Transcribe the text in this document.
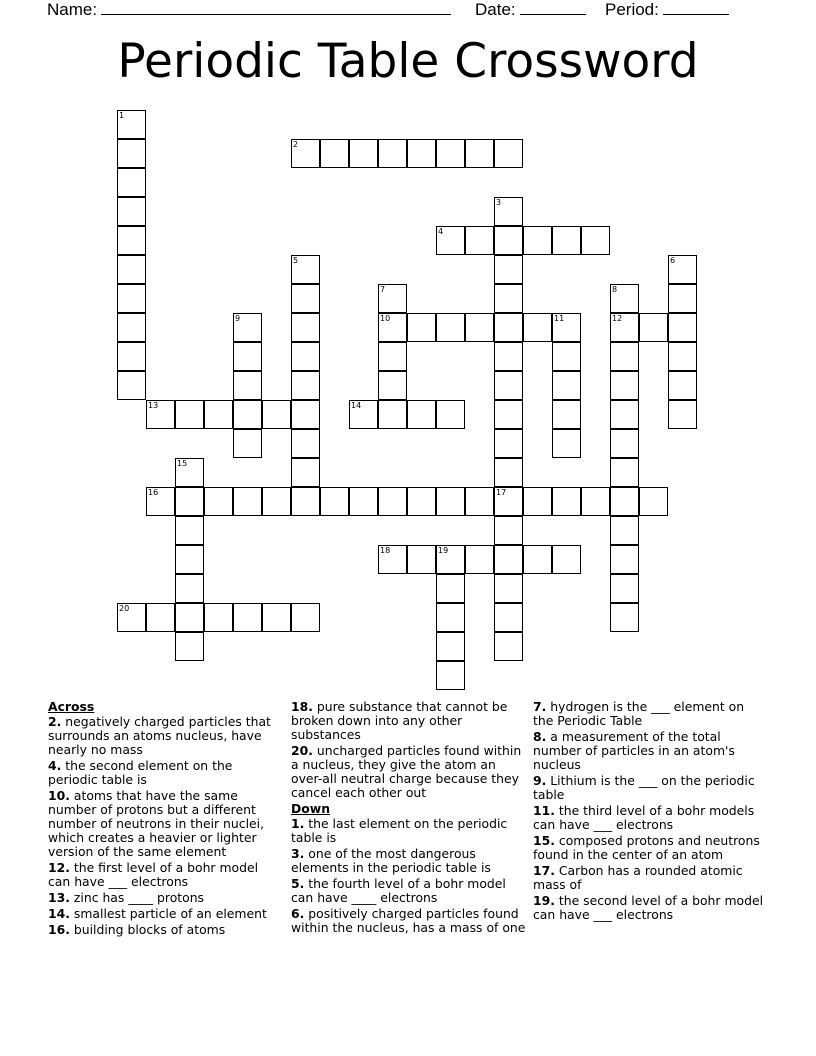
Name:	Date:	Period:
Periodic Table Crossword
1
2
3
4
5	6
7
10
8
12
9	11
13	14
15
16	17
18	19
20
Across
2. negatively charged particles that surrounds an atoms nucleus, have nearly no mass
4. the second element on the periodic table is
10. atoms that have the same number of protons but a different number of neutrons in their nuclei, which creates a heavier or lighter version of the same element
12. the first level of a bohr model can have ___ electrons
13. zinc has ____ protons
14. smallest particle of an element
16. building blocks of atoms
18. pure substance that cannot be broken down into any other substances
20. uncharged particles found within a nucleus, they give the atom an over-all neutral charge because they cancel each other out
Down
1. the last element on the periodic table is
3. one of the most dangerous elements in the periodic table is
5. the fourth level of a bohr model can have ____ electrons
6. positively charged particles found within the nucleus, has a mass of one
7. hydrogen is the ___ element on the Periodic Table
8. a measurement of the total number of particles in an atom's nucleus
9. Lithium is the ___ on the periodic table
11. the third level of a bohr models can have ___ electrons
15. composed protons and neutrons found in the center of an atom
17. Carbon has a rounded atomic mass of
19. the second level of a bohr model can have ___ electrons
